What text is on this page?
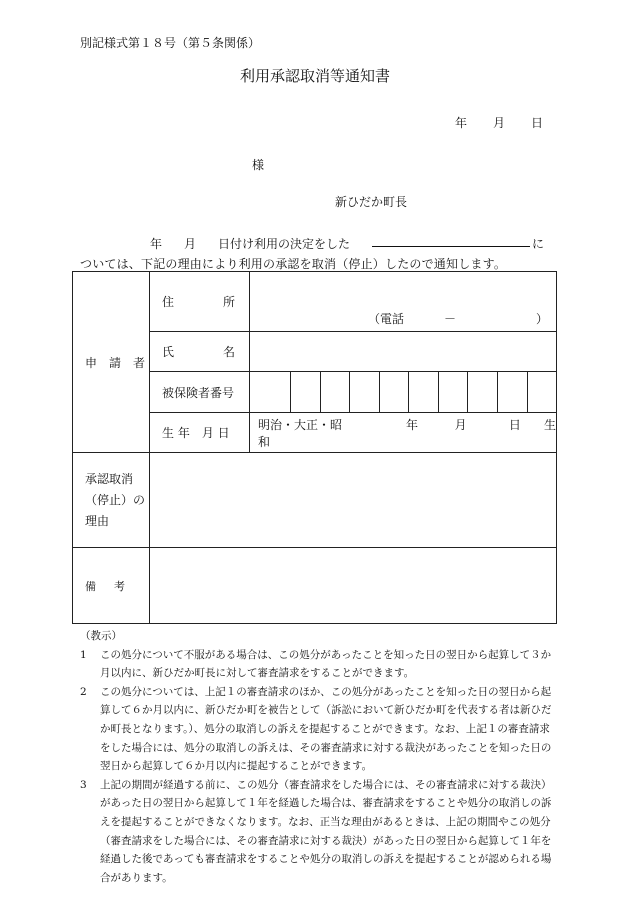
別記様式第１８号（第５条関係）
利用承認取消等通知書
年 月 日
様
新ひだか町長
年 月 日付け利用の決定をした	に
ついては、下記の理由により利用の承認を取消（停止）したので通知します。
申　請　者	住 所	（電話 － ）

	氏 名	

	被保険者番号	

	生 年　月 日	明治・大正・昭和
年 月 日 生

承認取消（停止）の理由		
備 考		
（教示）
1	この処分について不服がある場合は、この処分があったことを知った日の翌日から起算して３か月以内に、新ひだか町長に対して審査請求をすることができます。
2	この処分については、上記１の審査請求のほか、この処分があったことを知った日の翌日から起算して６か月以内に、新ひだか町を被告として（訴訟において新ひだか町を代表する者は新ひだか町長となります。）、処分の取消しの訴えを提起することができます。なお、上記１の審査請求をした場合には、処分の取消しの訴えは、その審査請求に対する裁決があったことを知った日の翌日から起算して６か月以内に提起することができます。
3	上記の期間が経過する前に、この処分（審査請求をした場合には、その審査請求に対する裁決）があった日の翌日から起算して１年を経過した場合は、審査請求をすることや処分の取消しの訴えを提起することができなくなります。なお、正当な理由があるときは、上記の期間やこの処分（審査請求をした場合には、その審査請求に対する裁決）があった日の翌日から起算して１年を経過した後であっても審査請求をすることや処分の取消しの訴えを提起することが認められる場合があります。
